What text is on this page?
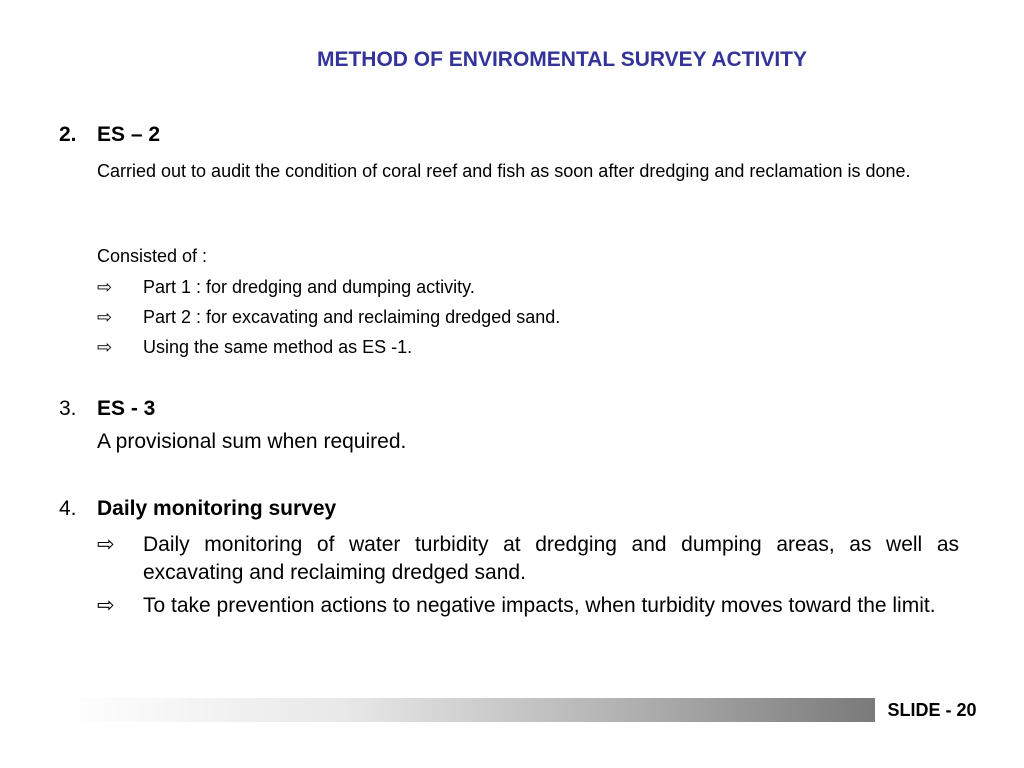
METHOD OF ENVIROMENTAL SURVEY ACTIVITY
2. ES – 2
Carried out to audit the condition of coral reef and fish as soon after dredging and reclamation is done.
Consisted of :
⇨ Part 1 : for dredging and dumping activity.
⇨ Part 2 : for excavating and reclaiming dredged sand.
⇨ Using the same method as ES -1.
3. ES - 3
A provisional sum when required.
4. Daily monitoring survey
⇨ Daily monitoring of water turbidity at dredging and dumping areas, as well as excavating and reclaiming dredged sand.
⇨ To take prevention actions to negative impacts, when turbidity moves toward the limit.
SLIDE - 20
